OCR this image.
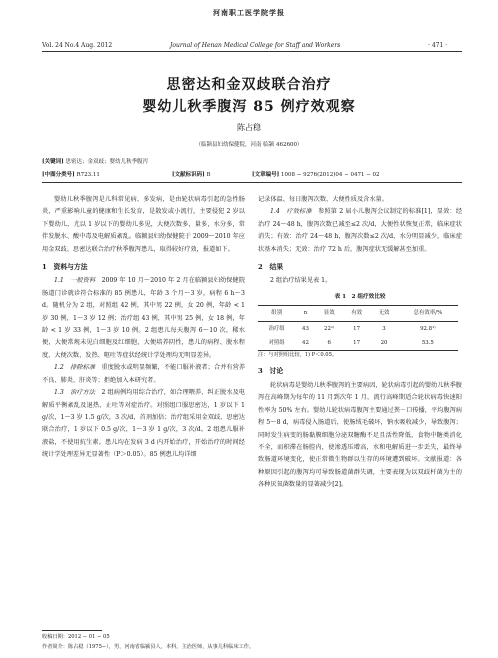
河南职工医学院学报
Vol. 24 No.4 Aug. 2012	Journal of Henan Medical College for Staff and Workers	· 471 ·
思密达和金双歧联合治疗
婴幼儿秋季腹泻 85 例疗效观察
陈占稳
（临颍县妇幼保健院，河南 临颍 462600）
[关键词] 思密达；金双歧；婴幼儿秋季腹泻
[中图分类号] R723.11	[文献标识码] B	[文章编号] 1008 − 9276(2012)04 − 0471 − 02

婴幼儿秋季腹泻是儿科常见病、多发病，是由轮状病毒引起的急性肠炎，严重影响儿童的健康和生长发育，是散发或小流行，主要侵犯 2 岁以下婴幼儿，尤以 1 岁以下的婴幼儿多见，大便次数多，量多，水分多，常伴发脱水、酸中毒及电解质紊乱。临颍县妇幼保健院于 2009～2010 年应用金双歧、思密达联合治疗秋季腹泻患儿，取得较好疗效，报道如下。

1　资料与方法

1.1　一般资料　 2009 年 10 月～2010 年 2 月在临颍县妇幼保健院肠道门诊就诊符合标准的 85 例患儿，年龄 3 个月～3 岁，病程 6 h～3 d。随机分为 2 组，对照组 42 例，其中男 22 例，女 20 例，年龄 < 1 岁 30 例，1～3 岁 12 例；治疗组 43 例，其中男 25 例，女 18 例，年龄 < 1 岁 33 例，1～3 岁 10 例。2 组患儿每天腹泻 6～10 次，稀水便，大便常规未见白细胞及红细胞，大便培养阴性，患儿的病程、脱水程度、大便次数、发热、呕吐等症状经统计学处理均无明显差异。

1.2　排除标准　 重度脱水或明显频繁，不能口服补液者；合并有营养不良、肺炎、肝炎等；拒绝加入本研究者。

1.3　治疗方法　 2 组病例均用综合治疗，如合理喂养，纠正脱水及电解质平衡紊乱及退热、止吐等对症治疗。对照组口服思密达，1 岁以下 1 g/次，1～3 岁 1.5 g/次，3 次/d，首剂加倍；治疗组采用金双歧、思密达联合治疗，1 岁以下 0.5 g/次，1～3 岁 1 g/次，3 次/d。2 组患儿服补液盐，不使用抗生素。患儿均在发病 3 d 内开始治疗，开始治疗的时间经统计学处理差异无显著性（P＞0.05）。85 例患儿均详细

收稿日期：2012 − 01 − 05
作者简介：陈占稳（1975−），男，河南省临颍县人，本科，主治医师，从事儿科临床工作。
记录体温、每日腹泻次数、大便性质及含水量。

1.4　疗效标准　 参照第 2 届小儿腹泻会议制定的标准[1]，显效：经治疗 24～48 h，腹泻次数已减至≤2 次/d，大便性状恢复正常，临床症状消失；有效：治疗 24～48 h，腹泻次数≤2 次/d，水分明显减少，临床症状基本消失；无效：治疗 72 h 后，腹泻症状无缓解甚至加重。

2　结果

2 组治疗结果见表 1。

表 1　2 组疗效比较
组别	n	显效	有效	无效	总有效率/%
治疗组	43	22¹⁾	17	3	92.8¹⁾
对照组	42	6	17	20	53.5
注：与对照组比较，1) P＜0.05。
3　讨论

轮状病毒是婴幼儿秋季腹泻的主要病因，轮状病毒引起的婴幼儿秋季腹泻在高峰期为每年的 11 月到次年 1 月，流行高峰期适合轮状病毒快速阳性率为 50% 左右。婴幼儿轮状病毒腹泻主要通过粪－口传播，平均腹泻病程 5～8 d，病毒侵入肠道后，使肠绒毛破坏，钠水吸收减少，导致腹泻；同时发生病变的肠黏膜细胞分泌双糖酶不足且活性降低，食物中糖类消化不全，而积滞在肠腔内，使渗透压增高，水和电解质进一步丢失，最终导致肠道环境变化，使正常微生物群以生存的环境遭到破坏。文献报道：各种原因引起的腹泻均可导致肠道菌群失调，主要表现为以双歧杆菌为主的各种厌氧菌数量的显著减少[2]。
